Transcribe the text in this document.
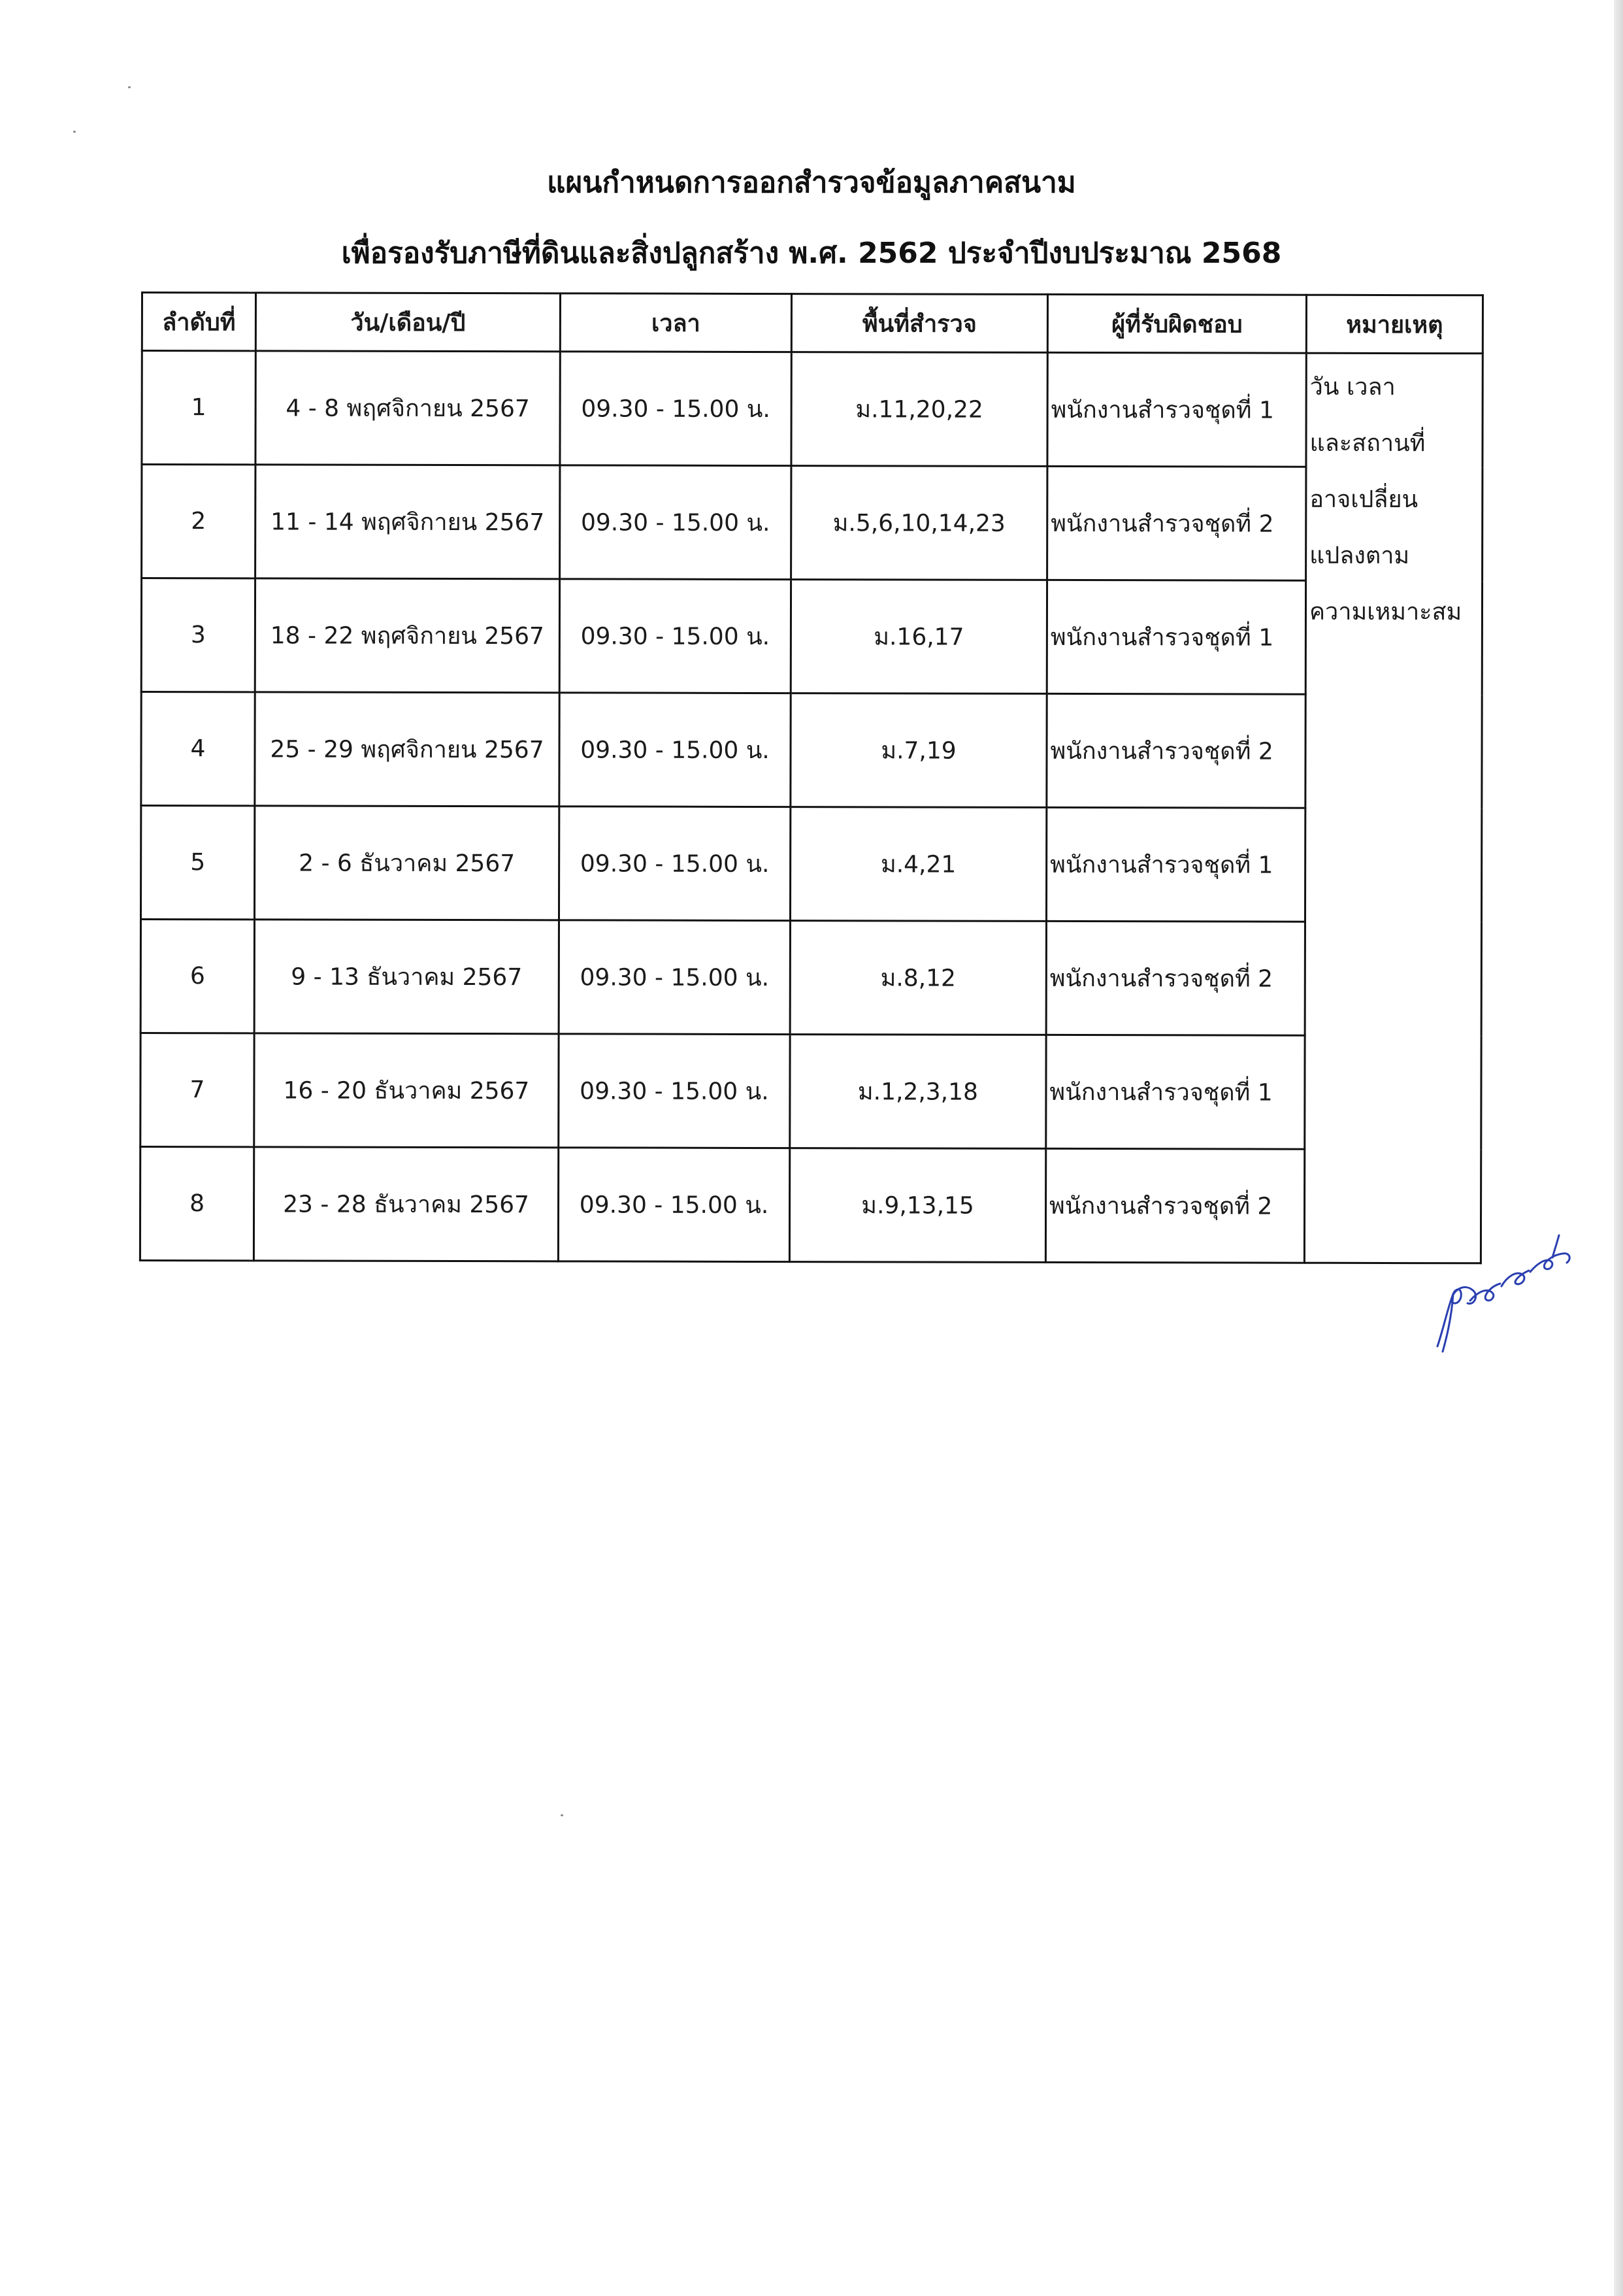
แผนกำหนดการออกสำรวจข้อมูลภาคสนาม
เพื่อรองรับภาษีที่ดินและสิ่งปลูกสร้าง พ.ศ. 2562 ประจำปีงบประมาณ 2568
ลำดับที่	วัน/เดือน/ปี	เวลา	พื้นที่สำรวจ	ผู้ที่รับผิดชอบ	หมายเหตุ
1	4 - 8 พฤศจิกายน 2567	09.30 - 15.00 น.	ม.11,20,22	พนักงานสำรวจชุดที่ 1	วัน เวลา
และสถานที่
อาจเปลี่ยน
แปลงตาม
ความเหมาะสม

2	11 - 14 พฤศจิกายน 2567	09.30 - 15.00 น.	ม.5,6,10,14,23	พนักงานสำรวจชุดที่ 2	
3	18 - 22 พฤศจิกายน 2567	09.30 - 15.00 น.	ม.16,17	พนักงานสำรวจชุดที่ 1	
4	25 - 29 พฤศจิกายน 2567	09.30 - 15.00 น.	ม.7,19	พนักงานสำรวจชุดที่ 2	
5	2 - 6 ธันวาคม 2567	09.30 - 15.00 น.	ม.4,21	พนักงานสำรวจชุดที่ 1	
6	9 - 13 ธันวาคม 2567	09.30 - 15.00 น.	ม.8,12	พนักงานสำรวจชุดที่ 2	
7	16 - 20 ธันวาคม 2567	09.30 - 15.00 น.	ม.1,2,3,18	พนักงานสำรวจชุดที่ 1	
8	23 - 28 ธันวาคม 2567	09.30 - 15.00 น.	ม.9,13,15	พนักงานสำรวจชุดที่ 2	
